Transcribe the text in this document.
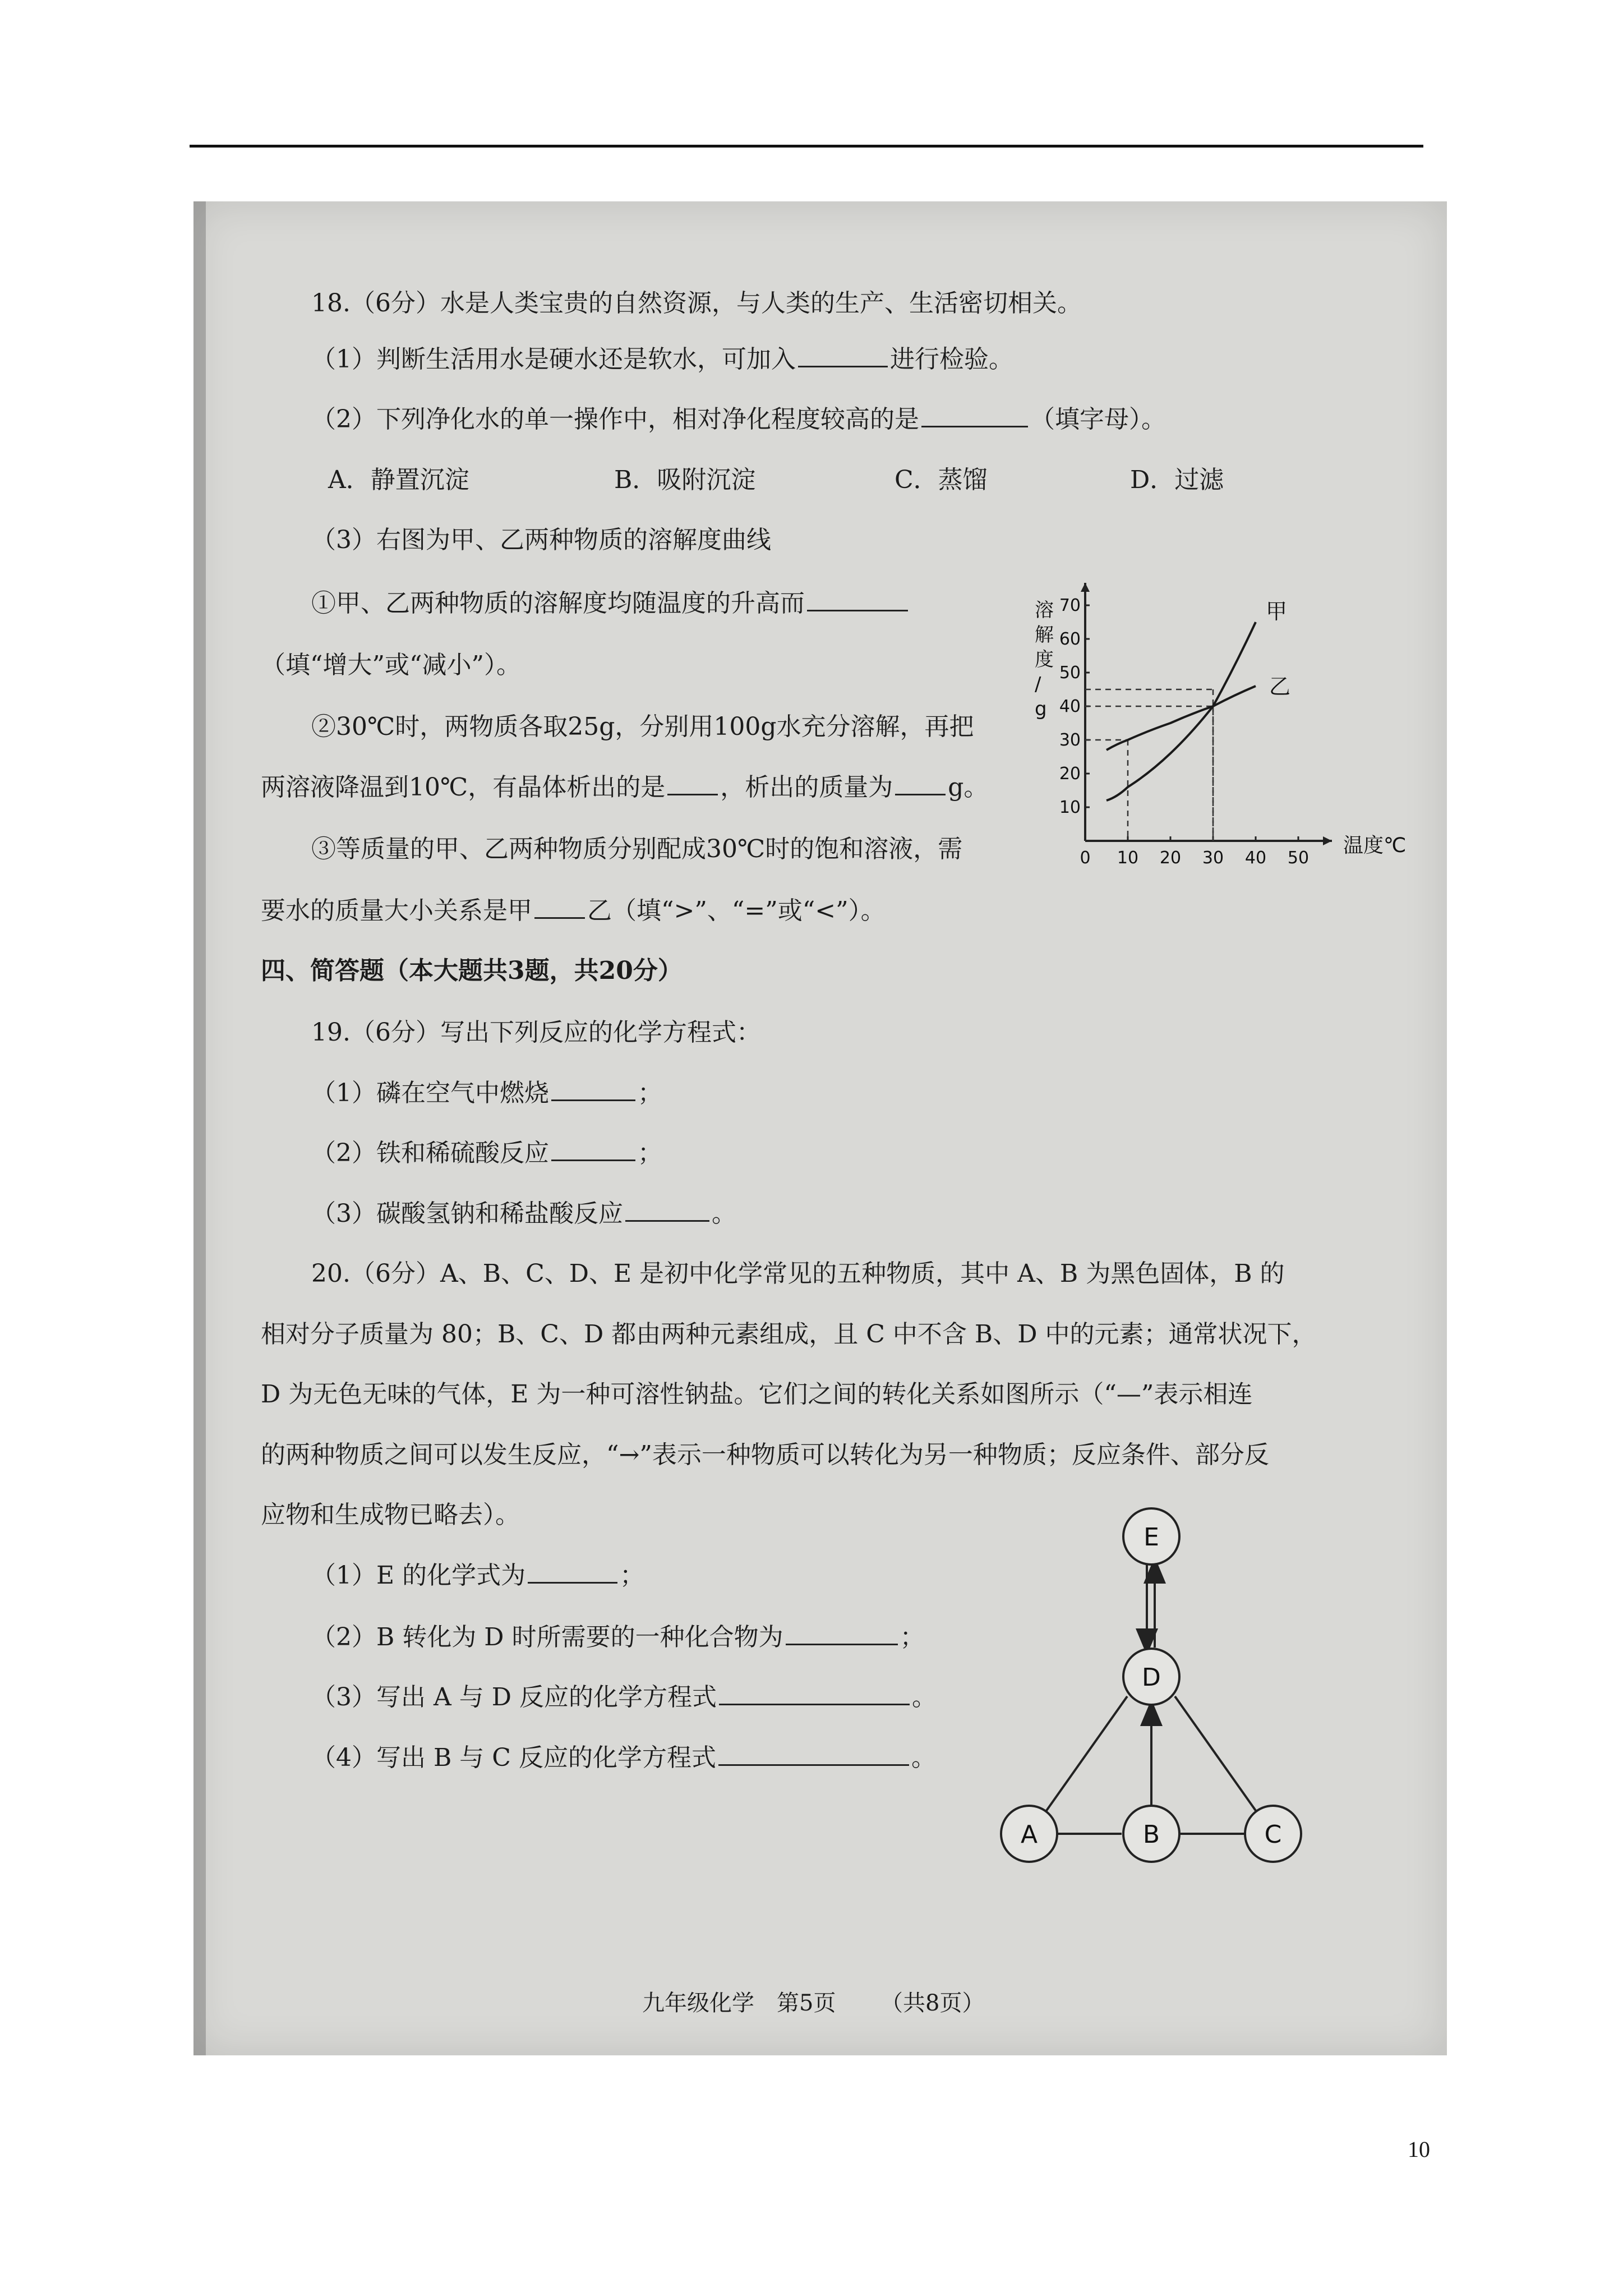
18.（6分）水是人类宝贵的自然资源，与人类的生产、生活密切相关。
（1）判断生活用水是硬水还是软水，可加入	进行检验。
（2）下列净化水的单一操作中，相对净化程度较高的是	（填字母）。
A．静置沉淀	B．吸附沉淀	C．蒸馏	D．过滤
（3）右图为甲、乙两种物质的溶解度曲线
①甲、乙两种物质的溶解度均随温度的升高而
（填“增大”或“减小”）。
②30℃时，两物质各取25g，分别用100g水充分溶解，再把
两溶液降温到10℃，有晶体析出的是 ，析出的质量为 g。
③等质量的甲、乙两种物质分别配成30℃时的饱和溶液，需
要水的质量大小关系是甲 乙（填“>”、“=”或“<”）。
0 10 20 30 40 50
10
20
30
40
50
60
70
溶解度/ g
温度℃
甲
乙
四、简答题（本大题共3题，共20分）
19.（6分）写出下列反应的化学方程式：
（1）磷在空气中燃烧	；
（2）铁和稀硫酸反应	；
（3）碳酸氢钠和稀盐酸反应	。
20.（6分）A、B、C、D、E 是初中化学常见的五种物质，其中 A、B 为黑色固体，B 的
相对分子质量为 80；B、C、D 都由两种元素组成，且 C 中不含 B、D 中的元素；通常状况下，
D 为无色无味的气体，E 为一种可溶性钠盐。它们之间的转化关系如图所示（“—”表示相连
的两种物质之间可以发生反应，“→”表示一种物质可以转化为另一种物质；反应条件、部分反
应物和生成物已略去）。
（1）E 的化学式为	；
（2）B 转化为 D 时所需要的一种化合物为	；
（3）写出 A 与 D 反应的化学方程式	。
（4）写出 B 与 C 反应的化学方程式	。
E
D
A	B	C
九年级化学 第5页 （共8页）
10
